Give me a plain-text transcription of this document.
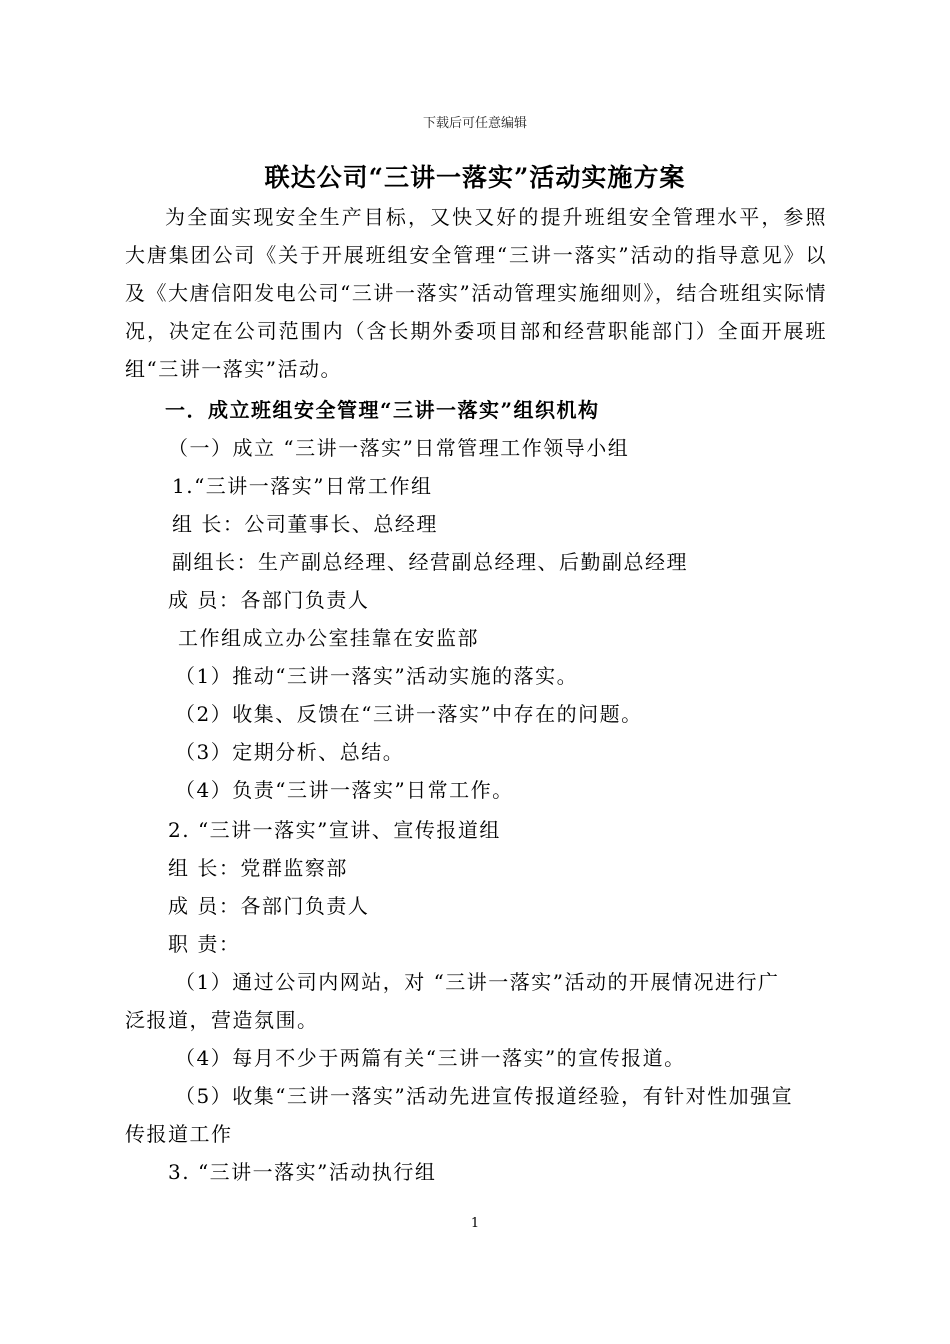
下载后可任意编辑
联达公司“三讲一落实”活动实施方案

为全面实现安全生产目标，又快又好的提升班组安全管理水平，参照大唐集团公司《关于开展班组安全管理“三讲一落实”活动的指导意见》以及《大唐信阳发电公司“三讲一落实”活动管理实施细则》，结合班组实际情况，决定在公司范围内（含长期外委项目部和经营职能部门）全面开展班组“三讲一落实”活动。

一．成立班组安全管理“三讲一落实”组织机构
（一）成立 “三讲一落实”日常管理工作领导小组
1.“三讲一落实”日常工作组
组 长：公司董事长、总经理
副组长：生产副总经理、经营副总经理、后勤副总经理
成 员：各部门负责人
工作组成立办公室挂靠在安监部
（1）推动“三讲一落实”活动实施的落实。
（2）收集、反馈在“三讲一落实”中存在的问题。
（3）定期分析、总结。
（4）负责“三讲一落实”日常工作。
2. “三讲一落实”宣讲、宣传报道组
组 长：党群监察部
成 员：各部门负责人
职 责：
（1）通过公司内网站，对 “三讲一落实”活动的开展情况进行广
泛报道，营造氛围。
（4）每月不少于两篇有关“三讲一落实”的宣传报道。
（5）收集“三讲一落实”活动先进宣传报道经验，有针对性加强宣
传报道工作
3. “三讲一落实”活动执行组
1
